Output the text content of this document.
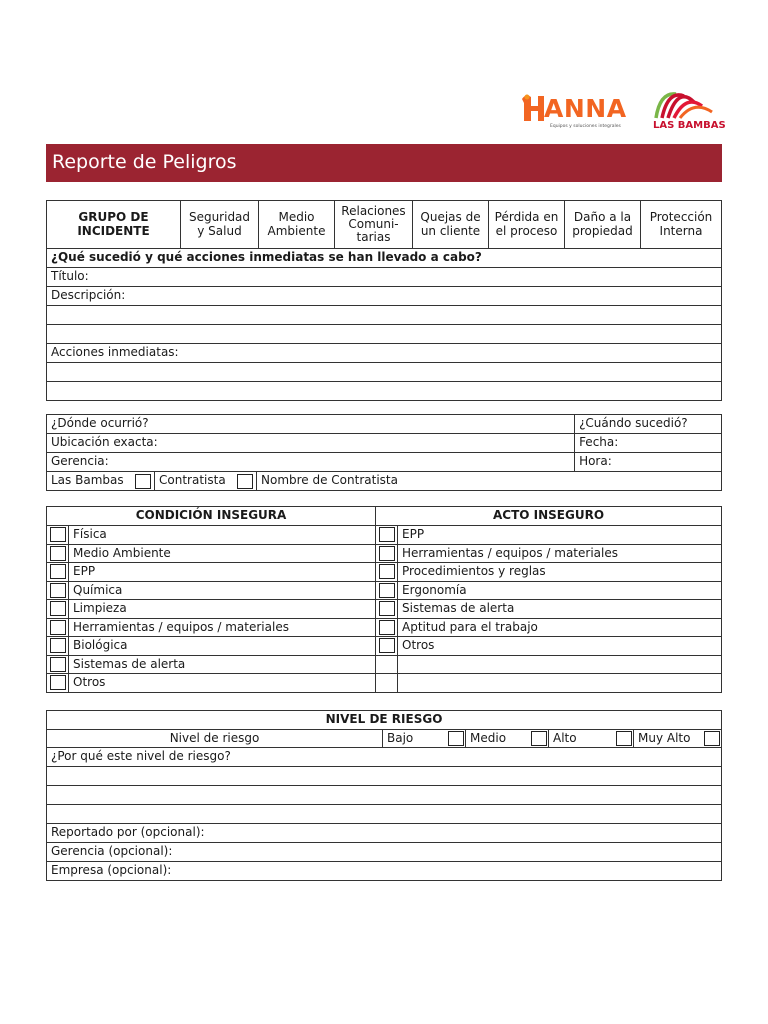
ANNA
Equipos y soluciones integrales	LAS BAMBAS
Reporte de Peligros
GRUPO DE INCIDENTE	Seguridad y Salud	Medio Ambiente	Relaciones Comuni-tarias	Quejas de un cliente	Pérdida en el proceso	Daño a la propiedad	Protección Interna
¿Qué sucedió y qué acciones inmediatas se han llevado a cabo?
Título:
Descripción:

Acciones inmediatas:

¿Dónde ocurrió?					¿Cuándo sucedió?
Ubicación exacta:					Fecha:
Gerencia:					Hora:
Las Bambas		Contratista		Nombre de Contratista	
CONDICIÓN INSEGURA		ACTO INSEGURO	
	Física		EPP
	Medio Ambiente		Herramientas / equipos / materiales
	EPP		Procedimientos y reglas
	Química		Ergonomía
	Limpieza		Sistemas de alerta
	Herramientas / equipos / materiales		Aptitud para el trabajo
	Biológica		Otros
	Sistemas de alerta		
	Otros		
NIVEL DE RIESGO
Nivel de riesgo	Bajo		Medio		Alto		Muy Alto	
¿Por qué este nivel de riesgo?

Reportado por (opcional):
Gerencia (opcional):
Empresa (opcional):
